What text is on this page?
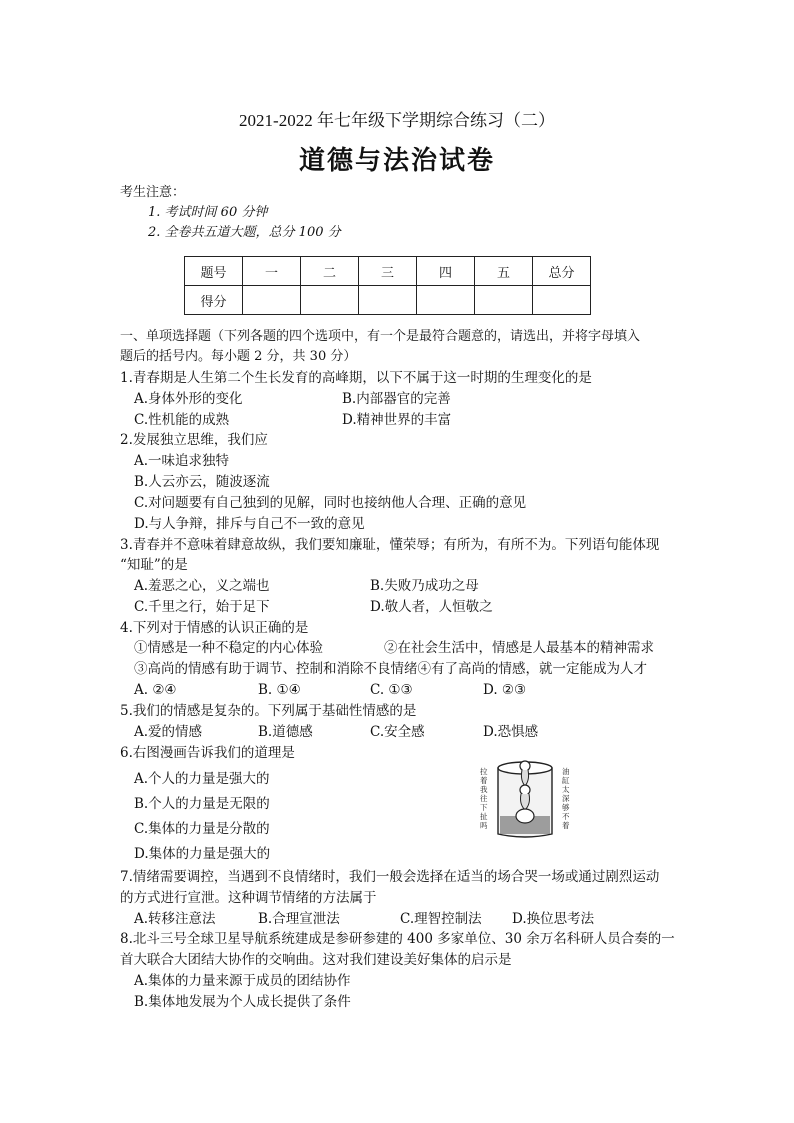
2021-2022 年七年级下学期综合练习（二）
道德与法治试卷
考生注意：
1. 考试时间 60 分钟
2. 全卷共五道大题，总分 100 分
题号	一	二	三	四	五	总分
得分						
一、单项选择题（下列各题的四个选项中，有一个是最符合题意的，请选出，并将字母填入
题后的括号内。每小题 2 分，共 30 分）
1.青春期是人生第二个生长发育的高峰期，以下不属于这一时期的生理变化的是
A.身体外形的变化	B.内部器官的完善
C.性机能的成熟	D.精神世界的丰富
2.发展独立思维，我们应
A.一味追求独特
B.人云亦云，随波逐流
C.对问题要有自己独到的见解，同时也接纳他人合理、正确的意见
D.与人争辩，排斥与自己不一致的意见
3.青春并不意味着肆意故纵，我们要知廉耻，懂荣辱；有所为，有所不为。下列语句能体现
“知耻”的是
A.羞恶之心，义之端也	B.失败乃成功之母
C.千里之行，始于足下	D.敬人者，人恒敬之
4.下列对于情感的认识正确的是
①情感是一种不稳定的内心体验	②在社会生活中，情感是人最基本的精神需求
③高尚的情感有助于调节、控制和消除不良情绪④有了高尚的情感，就一定能成为人才
A. ②④	B. ①④	C. ①③	D. ②③
5.我们的情感是复杂的。下列属于基础性情感的是
A.爱的情感	B.道德感	C.安全感	D.恐惧感
6.右图漫画告诉我们的道理是
A.个人的力量是强大的
B.个人的力量是无限的
C.集体的力量是分散的
D.集体的力量是强大的
拉
着
我
往
下
扯
吗
油
缸
太
深
够
不
着
7.情绪需要调控，当遇到不良情绪时，我们一般会选择在适当的场合哭一场或通过剧烈运动
的方式进行宣泄。这种调节情绪的方法属于
A.转移注意法	B.合理宣泄法	C.理智控制法 D.换位思考法
8.北斗三号全球卫星导航系统建成是参研参建的 400 多家单位、30 余万名科研人员合奏的一
首大联合大团结大协作的交响曲。这对我们建设美好集体的启示是
A.集体的力量来源于成员的团结协作
B.集体地发展为个人成长提供了条件
